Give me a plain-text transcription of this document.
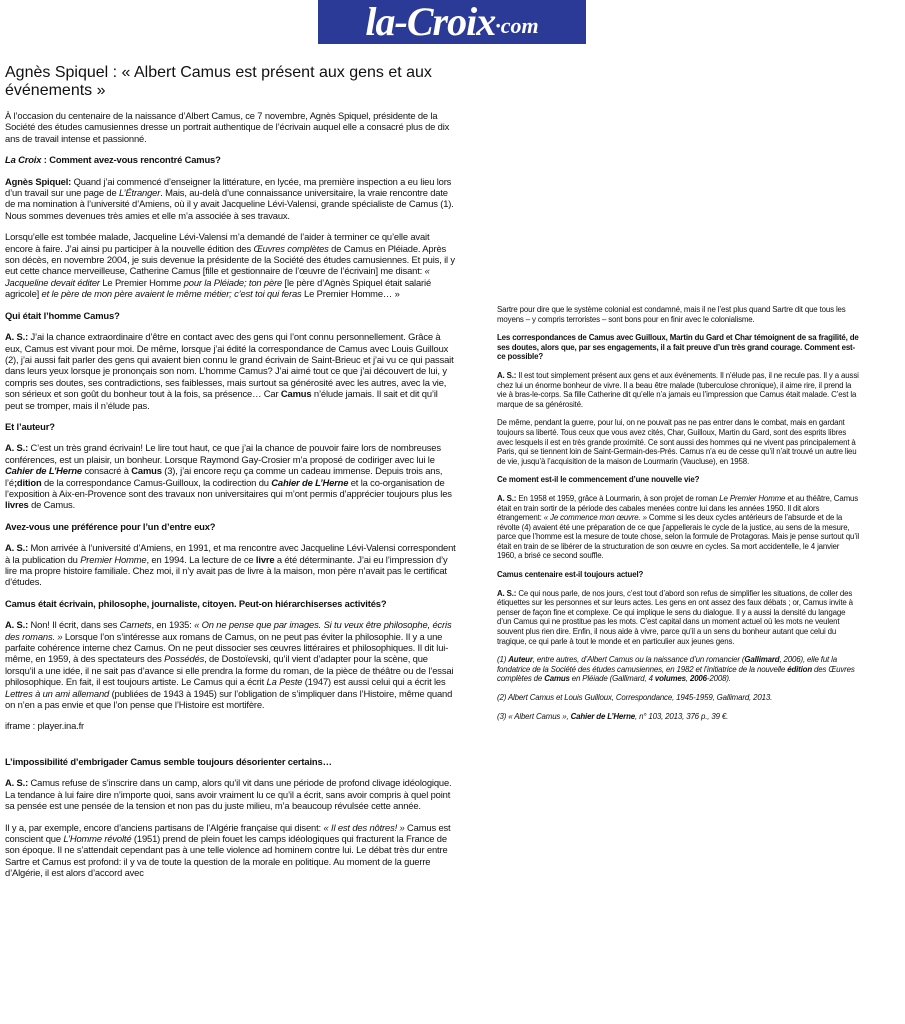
la-Croix ·com
Agnès Spiquel : « Albert Camus est présent aux gens et aux événements »

À l’occasion du centenaire de la naissance d’Albert Camus, ce 7 novembre, Agnès Spiquel, présidente de la Société des études camusiennes dresse un portrait authentique de l’écrivain auquel elle a consacré plus de dix ans de travail intense et passionné.

La Croix : Comment avez-vous rencontré Camus?

Agnès Spiquel: Quand j’ai commencé d’enseigner la littérature, en lycée, ma première inspection a eu lieu lors d’un travail sur une page de L’Étranger. Mais, au-delà d’une connaissance universitaire, la vraie rencontre date de ma nomination à l’université d’Amiens, où il y avait Jacqueline Lévi-Valensi, grande spécialiste de Camus (1). Nous sommes devenues très amies et elle m’a associée à ses travaux.

Lorsqu’elle est tombée malade, Jacqueline Lévi-Valensi m’a demandé de l’aider à terminer ce qu’elle avait encore à faire. J’ai ainsi pu participer à la nouvelle édition des Œuvres complètes de Camus en Pléiade. Après son décès, en novembre 2004, je suis devenue la présidente de la Société des études camusiennes. Et puis, il y eut cette chance merveilleuse, Catherine Camus [fille et gestionnaire de l’œuvre de l’écrivain] me disant: « Jacqueline devait éditer Le Premier Homme pour la Pléiade; ton père [le père d’Agnès Spiquel était salarié agricole] et le père de mon père avaient le même métier; c’est toi qui feras Le Premier Homme… »

Qui était l’homme Camus?

A. S.: J’ai la chance extraordinaire d’être en contact avec des gens qui l’ont connu personnellement. Grâce à eux, Camus est vivant pour moi. De même, lorsque j’ai édité la correspondance de Camus avec Louis Guilloux (2), j’ai aussi fait parler des gens qui avaient bien connu le grand écrivain de Saint-Brieuc et j’ai vu ce qui passait dans leurs yeux lorsque je prononçais son nom. L’homme Camus? J’ai aimé tout ce que j’ai découvert de lui, y compris ses doutes, ses contradictions, ses faiblesses, mais surtout sa générosité avec les autres, avec la vie, son sérieux et son goût du bonheur tout à la fois, sa présence… Car Camus n’élude jamais. Il sait et dit qu’il peut se tromper, mais il n’élude pas.

Et l’auteur?

A. S.: C’est un très grand écrivain! Le lire tout haut, ce que j’ai la chance de pouvoir faire lors de nombreuses conférences, est un plaisir, un bonheur. Lorsque Raymond Gay-Crosier m’a proposé de codiriger avec lui le Cahier de L’Herne consacré à Camus (3), j’ai encore reçu ça comme un cadeau immense. Depuis trois ans, l’é;dition de la correspondance Camus-Guilloux, la codirection du Cahier de L’Herne et la co-organisation de l’exposition à Aix-en-Provence sont des travaux non universitaires qui m’ont permis d’apprécier toujours plus les livres de Camus.

Avez-vous une préférence pour l’un d’entre eux?

A. S.: Mon arrivée à l’université d’Amiens, en 1991, et ma rencontre avec Jacqueline Lévi-Valensi correspondent à la publication du Premier Homme, en 1994. La lecture de ce livre a été déterminante. J’ai eu l’impression d’y lire ma propre histoire familiale. Chez moi, il n’y avait pas de livre à la maison, mon père n’avait pas le certificat d’études.

Camus était écrivain, philosophe, journaliste, citoyen. Peut-on hiérarchiserses activités?

A. S.: Non! Il écrit, dans ses Carnets, en 1935: « On ne pense que par images. Si tu veux être philosophe, écris des romans. » Lorsque l’on s’intéresse aux romans de Camus, on ne peut pas éviter la philosophie. Il y a une parfaite cohérence interne chez Camus. On ne peut dissocier ses œuvres littéraires et philosophiques. Il dit lui-même, en 1959, à des spectateurs des Possédés, de Dostoïevski, qu’il vient d’adapter pour la scène, que lorsqu’il a une idée, il ne sait pas d’avance si elle prendra la forme du roman, de la pièce de théâtre ou de l’essai philosophique. En fait, il est toujours artiste. Le Camus qui a écrit La Peste (1947) est aussi celui qui a écrit les Lettres à un ami allemand (publiées de 1943 à 1945) sur l’obligation de s’impliquer dans l’Histoire, même quand on n’en a pas envie et que l’on pense que l’Histoire est mortifère.

iframe : player.ina.fr

L’impossibilité d’embrigader Camus semble toujours désorienter certains…

A. S.: Camus refuse de s’inscrire dans un camp, alors qu’il vit dans une période de profond clivage idéologique. La tendance à lui faire dire n’importe quoi, sans avoir vraiment lu ce qu’il a écrit, sans avoir compris à quel point sa pensée est une pensée de la tension et non pas du juste milieu, m’a beaucoup révulsée cette année.

Il y a, par exemple, encore d’anciens partisans de l’Algérie française qui disent: « Il est des nôtres! » Camus est conscient que L’Homme révolté (1951) prend de plein fouet les camps idéologiques qui fracturent la France de son époque. Il ne s’attendait cependant pas à une telle violence ad hominem contre lui. Le débat très dur entre Sartre et Camus est profond: il y va de toute la question de la morale en politique. Au moment de la guerre d’Algérie, il est alors d’accord avec

Sartre pour dire que le système colonial est condamné, mais il ne l’est plus quand Sartre dit que tous les moyens – y compris terroristes – sont bons pour en finir avec le colonialisme.

Les correspondances de Camus avec Guilloux, Martin du Gard et Char témoignent de sa fragilité, de ses doutes, alors que, par ses engagements, il a fait preuve d’un très grand courage. Comment est-ce possible?

A. S.: Il est tout simplement présent aux gens et aux événements. Il n’élude pas, il ne recule pas. Il y a aussi chez lui un énorme bonheur de vivre. Il a beau être malade (tuberculose chronique), il aime rire, il prend la vie à bras-le-corps. Sa fille Catherine dit qu’elle n’a jamais eu l’impression que Camus était malade. C’est la marque de sa générosité.

De même, pendant la guerre, pour lui, on ne pouvait pas ne pas entrer dans le combat, mais en gardant toujours sa liberté. Tous ceux que vous avez cités, Char, Guilloux, Martin du Gard, sont des esprits libres avec lesquels il est en très grande proximité. Ce sont aussi des hommes qui ne vivent pas principalement à Paris, qui se tiennent loin de Saint-Germain-des-Prés. Camus n’a eu de cesse qu’il n’ait trouvé un autre lieu de vie, jusqu’à l’acquisition de la maison de Lourmarin (Vaucluse), en 1958.

Ce moment est-il le commencement d’une nouvelle vie?

A. S.: En 1958 et 1959, grâce à Lourmarin, à son projet de roman Le Premier Homme et au théâtre, Camus était en train sortir de la période des cabales menées contre lui dans les années 1950. Il dit alors étrangement: « Je commence mon œuvre. » Comme si les deux cycles antérieurs de l’absurde et de la révolte (4) avaient été une préparation de ce que j’appellerais le cycle de la justice, au sens de la mesure, parce que l’homme est la mesure de toute chose, selon la formule de Protagoras. Mais je pense surtout qu’il était en train de se libérer de la structuration de son œuvre en cycles. Sa mort accidentelle, le 4 janvier 1960, a brisé ce second souffle.

Camus centenaire est-il toujours actuel?

A. S.: Ce qui nous parle, de nos jours, c’est tout d’abord son refus de simplifier les situations, de coller des étiquettes sur les personnes et sur leurs actes. Les gens en ont assez des faux débats ; or, Camus invite à penser de façon fine et complexe. Ce qui implique le sens du dialogue. Il y a aussi la densité du langage d’un Camus qui ne prostitue pas les mots. C’est capital dans un moment actuel où les mots ne veulent souvent plus rien dire. Enfin, il nous aide à vivre, parce qu’il a un sens du bonheur autant que celui du tragique, ce qui parle à tout le monde et en particulier aux jeunes gens.

(1) Auteur, entre autres, d’Albert Camus ou la naissance d’un romancier (Gallimard, 2006), elle fut la fondatrice de la Société des études camusiennes, en 1982 et l’initiatrice de la nouvelle édition des Œuvres complètes de Camus en Pléiade (Gallimard, 4 volumes, 2006-2008).

(2) Albert Camus et Louis Guilloux, Correspondance, 1945-1959, Gallimard, 2013.

(3) « Albert Camus », Cahier de L’Herne, n° 103, 2013, 376 p., 39 €.
